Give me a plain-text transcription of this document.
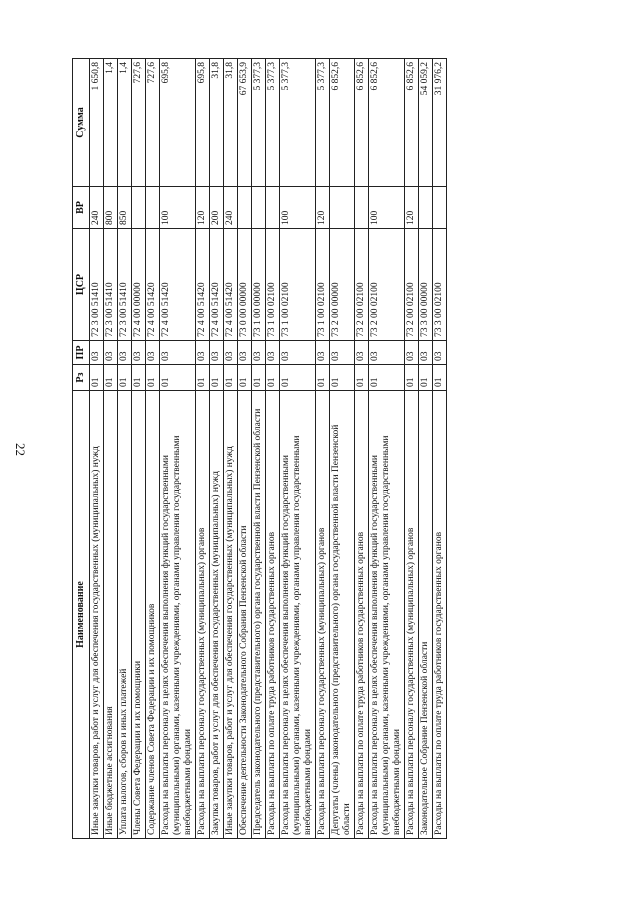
22
Наименование	Рз	ПР	ЦСР	ВР	Сумма
Иные закупки товаров, работ и услуг для обеспечения государственных (муниципальных) нужд	01	03	72 3 00 51410	240	1 650,8
Иные бюджетные ассигнования	01	03	72 3 00 51410	800	1,4
Уплата налогов, сборов и иных платежей	01	03	72 3 00 51410	850	1,4
Члены Совета Федерации и их помощники	01	03	72 4 00 00000		727,6
Содержание членов Совета Федерации и их помощников	01	03	72 4 00 51420		727,6
Расходы на выплаты персоналу в целях обеспечения выполнения функций государственными (муниципальными) органами, казенными учреждениями, органами управления государственными внебюджетными фондами	01	03	72 4 00 51420	100	695,8
Расходы на выплаты персоналу государственных (муниципальных) органов	01	03	72 4 00 51420	120	695,8
Закупка товаров, работ и услуг для обеспечения государственных (муниципальных) нужд	01	03	72 4 00 51420	200	31,8
Иные закупки товаров, работ и услуг для обеспечения государственных (муниципальных) нужд	01	03	72 4 00 51420	240	31,8
Обеспечение деятельности Законодательного Собрания Пензенской области	01	03	73 0 00 00000		67 653,9
Председатель законодательного (представительного) органа государственной власти Пензенской области	01	03	73 1 00 00000		5 377,3
Расходы на выплаты по оплате труда работников государственных органов	01	03	73 1 00 02100		5 377,3
Расходы на выплаты персоналу в целях обеспечения выполнения функций государственными (муниципальными) органами, казенными учреждениями, органами управления государственными внебюджетными фондами	01	03	73 1 00 02100	100	5 377,3
Расходы на выплаты персоналу государственных (муниципальных) органов	01	03	73 1 00 02100	120	5 377,3
Депутаты (члены) законодательного (представительного) органа государственной власти Пензенской области	01	03	73 2 00 00000		6 852,6
Расходы на выплаты по оплате труда работников государственных органов	01	03	73 2 00 02100		6 852,6
Расходы на выплаты персоналу в целях обеспечения выполнения функций государственными (муниципальными) органами, казенными учреждениями, органами управления государственными внебюджетными фондами	01	03	73 2 00 02100	100	6 852,6
Расходы на выплаты персоналу государственных (муниципальных) органов	01	03	73 2 00 02100	120	6 852,6
Законодательное Собрание Пензенской области	01	03	73 3 00 00000		54 059,2
Расходы на выплаты по оплате труда работников государственных органов	01	03	73 3 00 02100		31 976,2
